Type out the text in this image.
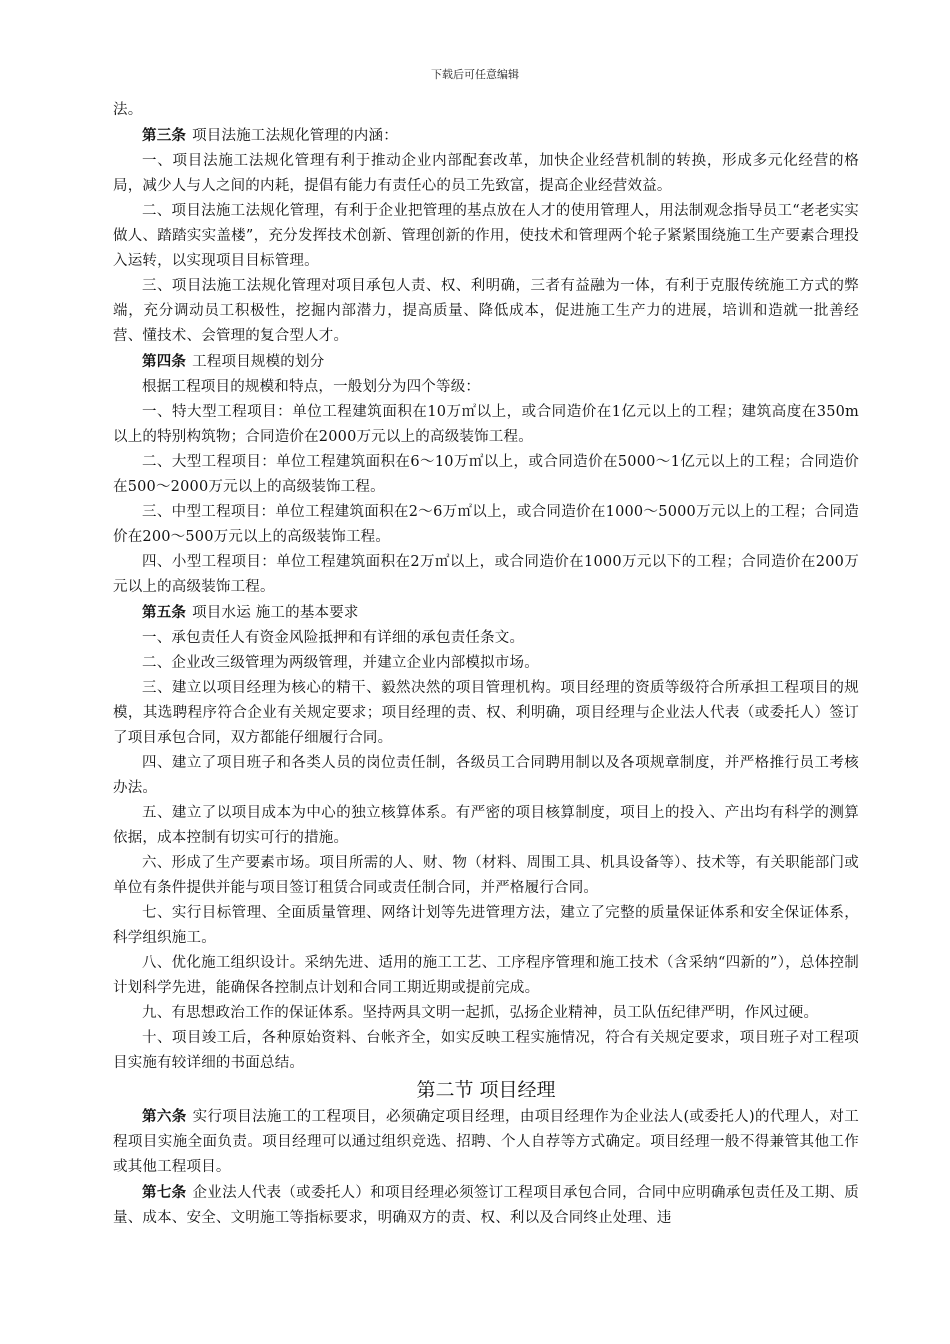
下载后可任意编辑

法。

第三条 项目法施工法规化管理的内涵：

一、项目法施工法规化管理有利于推动企业内部配套改革，加快企业经营机制的转换，形成多元化经营的格局，减少人与人之间的内耗，提倡有能力有责任心的员工先致富，提高企业经营效益。

二、项目法施工法规化管理，有利于企业把管理的基点放在人才的使用管理人，用法制观念指导员工“老老实实做人、踏踏实实盖楼”，充分发挥技术创新、管理创新的作用，使技术和管理两个轮子紧紧围绕施工生产要素合理投入运转，以实现项目目标管理。

三、项目法施工法规化管理对项目承包人责、权、利明确，三者有益融为一体，有利于克服传统施工方式的弊端，充分调动员工积极性，挖掘内部潜力，提高质量、降低成本，促进施工生产力的进展，培训和造就一批善经营、懂技术、会管理的复合型人才。

第四条 工程项目规模的划分

根据工程项目的规模和特点，一般划分为四个等级：

一、特大型工程项目：单位工程建筑面积在10万㎡以上，或合同造价在1亿元以上的工程；建筑高度在350m以上的特别构筑物；合同造价在2000万元以上的高级装饰工程。

二、大型工程项目：单位工程建筑面积在6～10万㎡以上，或合同造价在5000～1亿元以上的工程；合同造价在500～2000万元以上的高级装饰工程。

三、中型工程项目：单位工程建筑面积在2～6万㎡以上，或合同造价在1000～5000万元以上的工程；合同造价在200～500万元以上的高级装饰工程。

四、小型工程项目：单位工程建筑面积在2万㎡以上，或合同造价在1000万元以下的工程；合同造价在200万元以上的高级装饰工程。

第五条 项目水运 施工的基本要求

一、承包责任人有资金风险抵押和有详细的承包责任条文。

二、企业改三级管理为两级管理，并建立企业内部模拟市场。

三、建立以项目经理为核心的精干、毅然决然的项目管理机构。项目经理的资质等级符合所承担工程项目的规模，其选聘程序符合企业有关规定要求；项目经理的责、权、利明确，项目经理与企业法人代表（或委托人）签订了项目承包合同，双方都能仔细履行合同。

四、建立了项目班子和各类人员的岗位责任制，各级员工合同聘用制以及各项规章制度，并严格推行员工考核办法。

五、建立了以项目成本为中心的独立核算体系。有严密的项目核算制度，项目上的投入、产出均有科学的测算依据，成本控制有切实可行的措施。

六、形成了生产要素市场。项目所需的人、财、物（材料、周围工具、机具设备等）、技术等，有关职能部门或单位有条件提供并能与项目签订租赁合同或责任制合同，并严格履行合同。

七、实行目标管理、全面质量管理、网络计划等先进管理方法，建立了完整的质量保证体系和安全保证体系，科学组织施工。

八、优化施工组织设计。采纳先进、适用的施工工艺、工序程序管理和施工技术（含采纳“四新的”），总体控制计划科学先进，能确保各控制点计划和合同工期近期或提前完成。

九、有思想政治工作的保证体系。坚持两具文明一起抓，弘扬企业精神，员工队伍纪律严明，作风过硬。

十、项目竣工后，各种原始资料、台帐齐全，如实反映工程实施情况，符合有关规定要求，项目班子对工程项目实施有较详细的书面总结。

第二节 项目经理

第六条 实行项目法施工的工程项目，必须确定项目经理，由项目经理作为企业法人(或委托人)的代理人，对工程项目实施全面负责。项目经理可以通过组织竞选、招聘、个人自荐等方式确定。项目经理一般不得兼管其他工作或其他工程项目。

第七条 企业法人代表（或委托人）和项目经理必须签订工程项目承包合同，合同中应明确承包责任及工期、质量、成本、安全、文明施工等指标要求，明确双方的责、权、利以及合同终止处理、违
